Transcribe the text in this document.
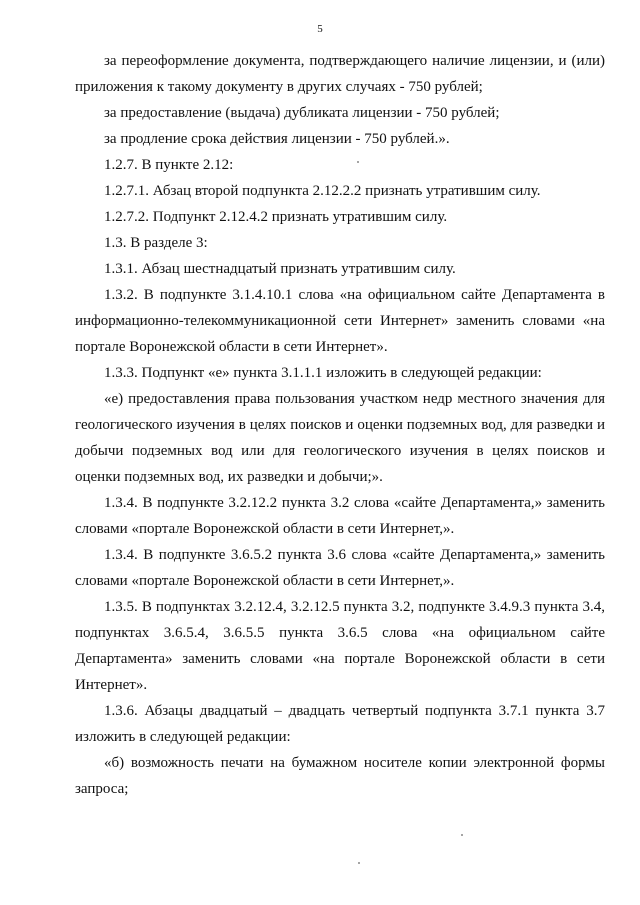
5

за переоформление документа, подтверждающего наличие лицензии, и (или) приложения к такому документу в других случаях - 750 рублей;

за предоставление (выдача) дубликата лицензии - 750 рублей;

за продление срока действия лицензии - 750 рублей.».

1.2.7. В пункте 2.12:

1.2.7.1. Абзац второй подпункта 2.12.2.2 признать утратившим силу.

1.2.7.2. Подпункт 2.12.4.2 признать утратившим силу.

1.3. В разделе 3:

1.3.1. Абзац шестнадцатый признать утратившим силу.

1.3.2. В подпункте 3.1.4.10.1 слова «на официальном сайте Департамента в информационно-телекоммуникационной сети Интернет» заменить словами «на портале Воронежской области в сети Интернет».

1.3.3. Подпункт «е» пункта 3.1.1.1 изложить в следующей редакции:

«е) предоставления права пользования участком недр местного значения для геологического изучения в целях поисков и оценки подземных вод, для разведки и добычи подземных вод или для геологического изучения в целях поисков и оценки подземных вод, их разведки и добычи;».

1.3.4. В подпункте 3.2.12.2 пункта 3.2 слова «сайте Департамента,» заменить словами «портале Воронежской области в сети Интернет,».

1.3.4. В подпункте 3.6.5.2 пункта 3.6 слова «сайте Департамента,» заменить словами «портале Воронежской области в сети Интернет,».

1.3.5. В подпунктах 3.2.12.4, 3.2.12.5 пункта 3.2, подпункте 3.4.9.3 пункта 3.4, подпунктах 3.6.5.4, 3.6.5.5 пункта 3.6.5 слова «на официальном сайте Департамента» заменить словами «на портале Воронежской области в сети Интернет».

1.3.6. Абзацы двадцатый – двадцать четвертый подпункта 3.7.1 пункта 3.7 изложить в следующей редакции:

«б) возможность печати на бумажном носителе копии электронной формы запроса;
